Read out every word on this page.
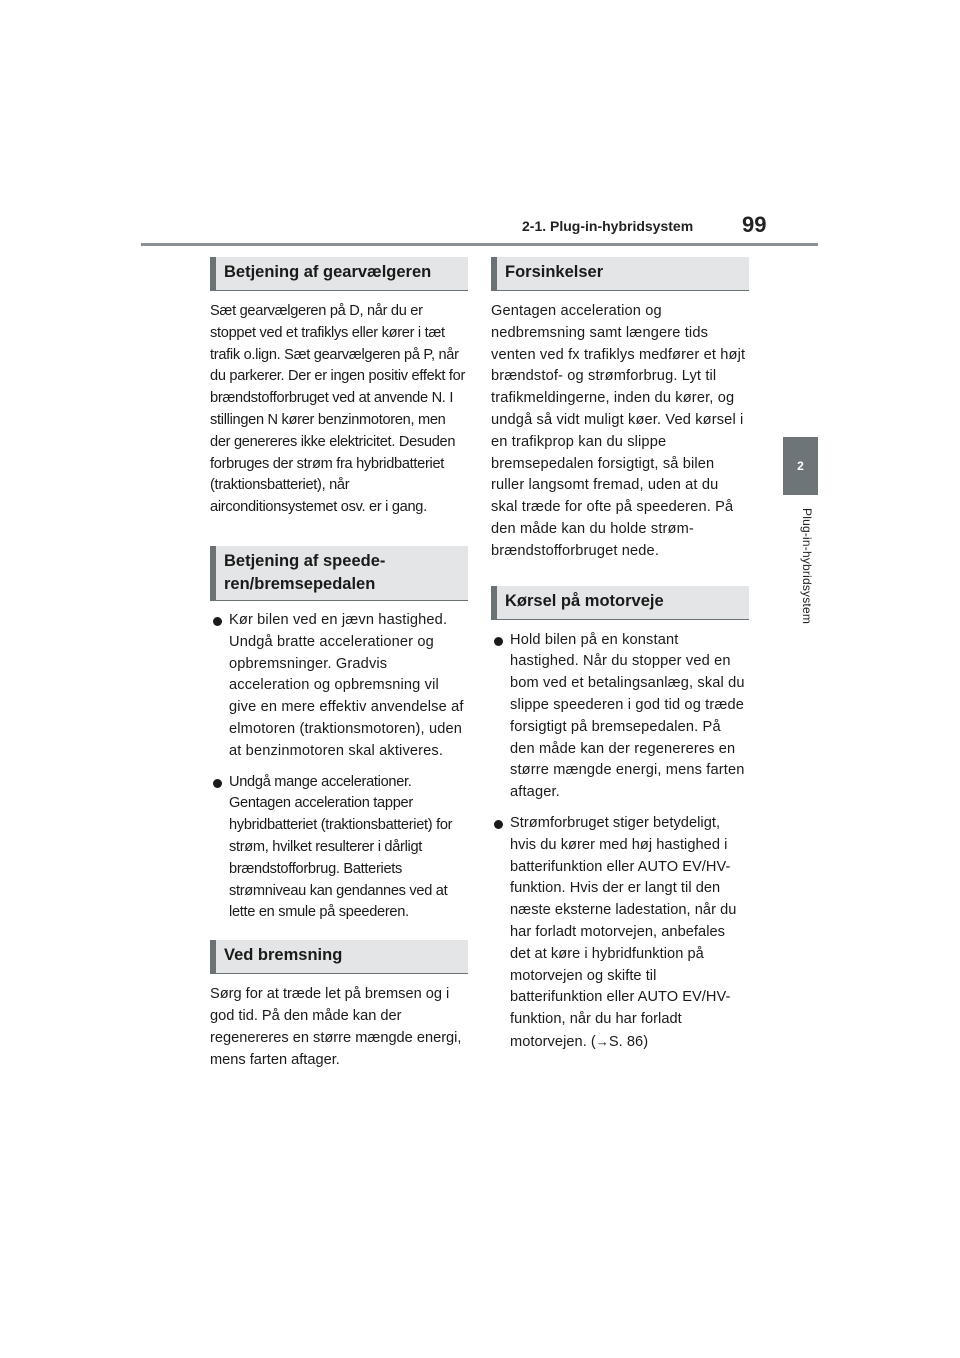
2-1. Plug-in-hybridsystem 99
2
Plug-in-hybridsystem
Betjening af gearvælgeren

Sæt gearvælgeren på D, når du er stoppet ved et trafiklys eller kører i tæt trafik o.lign. Sæt gearvælgeren på P, når du parkerer. Der er ingen positiv effekt for brændstofforbruget ved at anvende N. I stillingen N kører benzinmotoren, men der genereres ikke elektricitet. Desuden forbruges der strøm fra hybridbatteriet (traktionsbatteriet), når airconditionsystemet osv. er i gang.

Betjening af speede-
ren/bremsepedalen
Kør bilen ved en jævn hastighed. Undgå bratte accelerationer og opbremsninger. Gradvis acceleration og opbremsning vil give en mere effektiv anvendelse af elmotoren (traktionsmotoren), uden at benzinmotoren skal aktiveres.
Undgå mange accelerationer. Gentagen acceleration tapper hybridbatteriet (traktionsbatteriet) for strøm, hvilket resulterer i dårligt brændstofforbrug. Batteriets strømniveau kan gendannes ved at lette en smule på speederen.
Ved bremsning

Sørg for at træde let på bremsen og i god tid. På den måde kan der regenereres en større mængde energi, mens farten aftager.

Forsinkelser

Gentagen acceleration og nedbremsning samt længere tids venten ved fx trafiklys medfører et højt brændstof- og strømforbrug. Lyt til trafikmeldingerne, inden du kører, og undgå så vidt muligt køer. Ved kørsel i en trafikprop kan du slippe bremsepedalen forsigtigt, så bilen ruller langsomt fremad, uden at du skal træde for ofte på speederen. På den måde kan du holde strøm-brændstofforbruget nede.

Kørsel på motorveje
Hold bilen på en konstant hastighed. Når du stopper ved en bom ved et betalingsanlæg, skal du slippe speederen i god tid og træde forsigtigt på bremsepedalen. På den måde kan der regenereres en større mængde energi, mens farten aftager.
Strømforbruget stiger betydeligt, hvis du kører med høj hastighed i batterifunktion eller AUTO EV/HV-funktion. Hvis der er langt til den næste eksterne ladestation, når du har forladt motorvejen, anbefales det at køre i hybridfunktion på motorvejen og skifte til batterifunktion eller AUTO EV/HV-funktion, når du har forladt motorvejen. (→S. 86)
